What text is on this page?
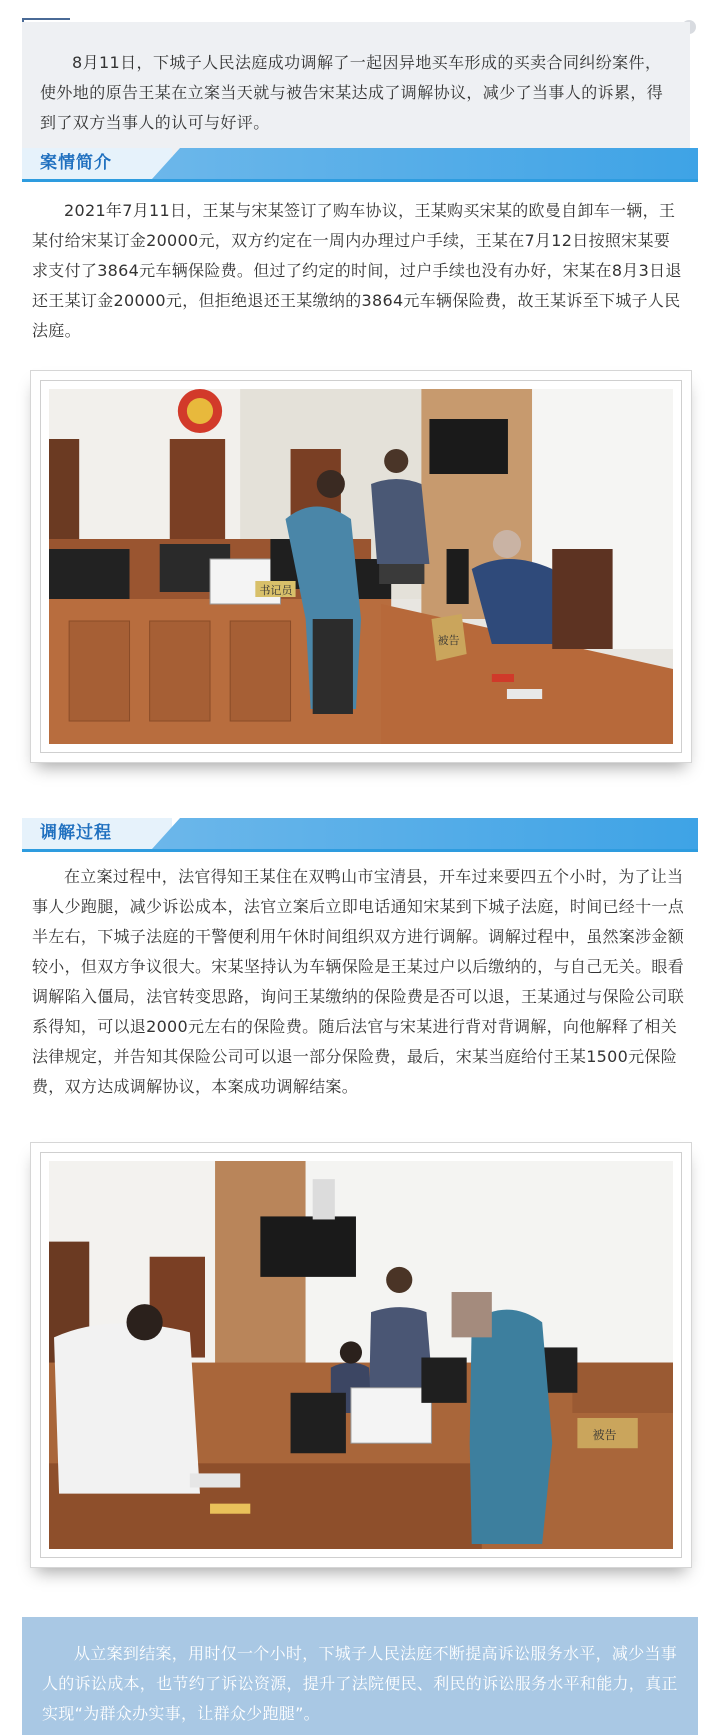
8月11日，下城子人民法庭成功调解了一起因异地买车形成的买卖合同纠纷案件，使外地的原告王某在立案当天就与被告宋某达成了调解协议，减少了当事人的诉累，得到了双方当事人的认可与好评。

案情简介

2021年7月11日，王某与宋某签订了购车协议，王某购买宋某的欧曼自卸车一辆，王某付给宋某订金20000元，双方约定在一周内办理过户手续，王某在7月12日按照宋某要求支付了3864元车辆保险费。但过了约定的时间，过户手续也没有办好，宋某在8月3日退还王某订金20000元，但拒绝退还王某缴纳的3864元车辆保险费，故王某诉至下城子人民法庭。

书记员
被告
调解过程

在立案过程中，法官得知王某住在双鸭山市宝清县，开车过来要四五个小时，为了让当事人少跑腿，减少诉讼成本，法官立案后立即电话通知宋某到下城子法庭，时间已经十一点半左右，下城子法庭的干警便利用午休时间组织双方进行调解。调解过程中，虽然案涉金额较小，但双方争议很大。宋某坚持认为车辆保险是王某过户以后缴纳的，与自己无关。眼看调解陷入僵局，法官转变思路，询问王某缴纳的保险费是否可以退，王某通过与保险公司联系得知，可以退2000元左右的保险费。随后法官与宋某进行背对背调解，向他解释了相关法律规定，并告知其保险公司可以退一部分保险费，最后，宋某当庭给付王某1500元保险费，双方达成调解协议，本案成功调解结案。

被告

从立案到结案，用时仅一个小时，下城子人民法庭不断提高诉讼服务水平，减少当事人的诉讼成本，也节约了诉讼资源，提升了法院便民、利民的诉讼服务水平和能力，真正实现“为群众办实事，让群众少跑腿”。
